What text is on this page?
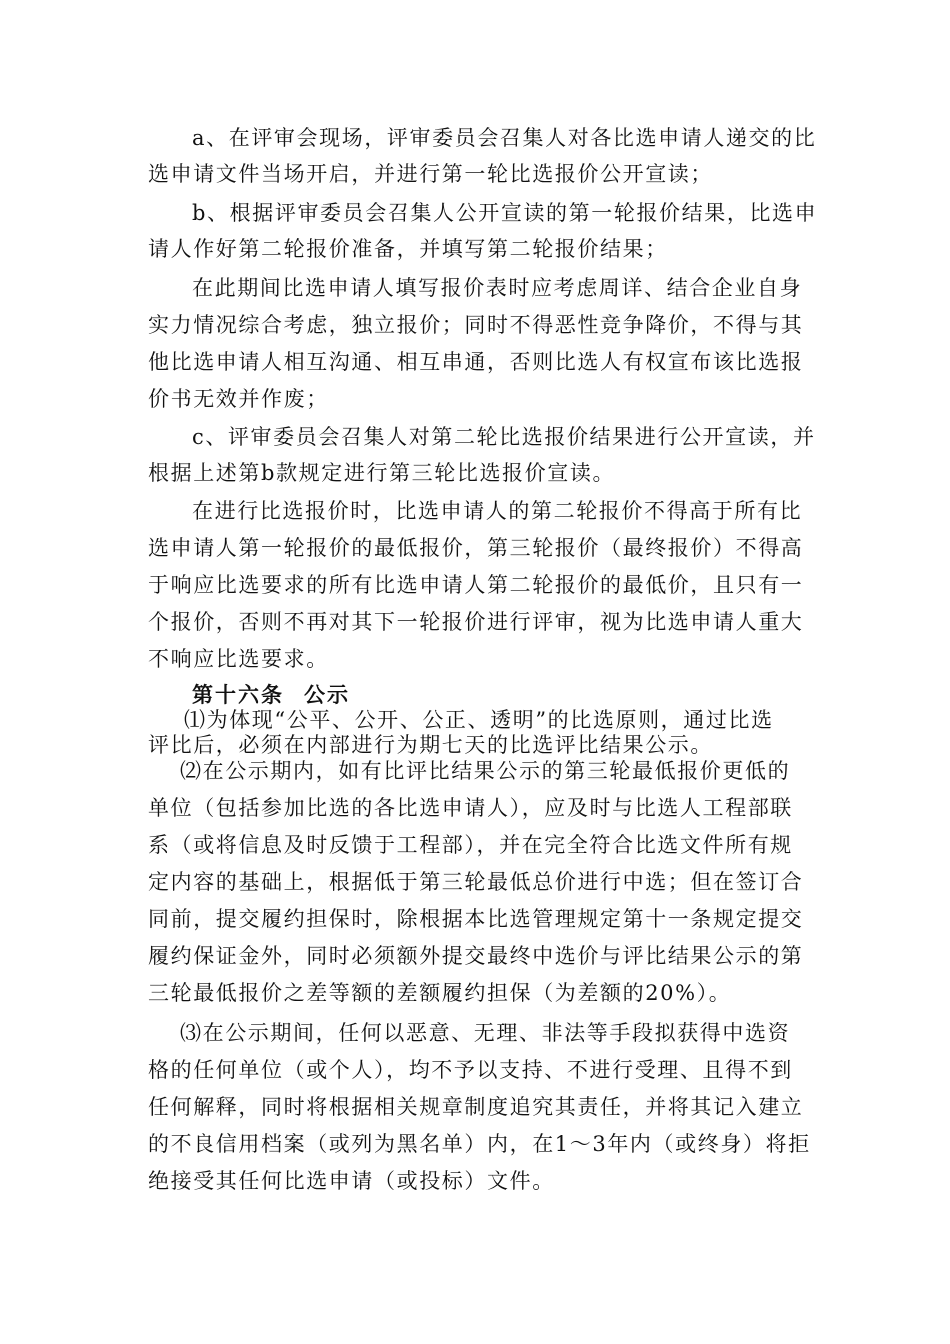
a、在评审会现场，评审委员会召集人对各比选申请人递交的比
选申请文件当场开启，并进行第一轮比选报价公开宣读；
b、根据评审委员会召集人公开宣读的第一轮报价结果，比选申
请人作好第二轮报价准备，并填写第二轮报价结果；
在此期间比选申请人填写报价表时应考虑周详、结合企业自身
实力情况综合考虑，独立报价；同时不得恶性竞争降价，不得与其
他比选申请人相互沟通、相互串通，否则比选人有权宣布该比选报
价书无效并作废；
c、评审委员会召集人对第二轮比选报价结果进行公开宣读，并
根据上述第b款规定进行第三轮比选报价宣读。
在进行比选报价时，比选申请人的第二轮报价不得高于所有比
选申请人第一轮报价的最低报价，第三轮报价（最终报价）不得高
于响应比选要求的所有比选申请人第二轮报价的最低价，且只有一
个报价，否则不再对其下一轮报价进行评审，视为比选申请人重大
不响应比选要求。
第十六条 公示
⑴为体现“公平、公开、公正、透明”的比选原则，通过比选
评比后，必须在内部进行为期七天的比选评比结果公示。
⑵在公示期内，如有比评比结果公示的第三轮最低报价更低的
单位（包括参加比选的各比选申请人），应及时与比选人工程部联
系（或将信息及时反馈于工程部），并在完全符合比选文件所有规
定内容的基础上，根据低于第三轮最低总价进行中选；但在签订合
同前，提交履约担保时，除根据本比选管理规定第十一条规定提交
履约保证金外，同时必须额外提交最终中选价与评比结果公示的第
三轮最低报价之差等额的差额履约担保（为差额的20%）。
⑶在公示期间，任何以恶意、无理、非法等手段拟获得中选资
格的任何单位（或个人），均不予以支持、不进行受理、且得不到
任何解释，同时将根据相关规章制度追究其责任，并将其记入建立
的不良信用档案（或列为黑名单）内，在1～3年内（或终身）将拒
绝接受其任何比选申请（或投标）文件。
